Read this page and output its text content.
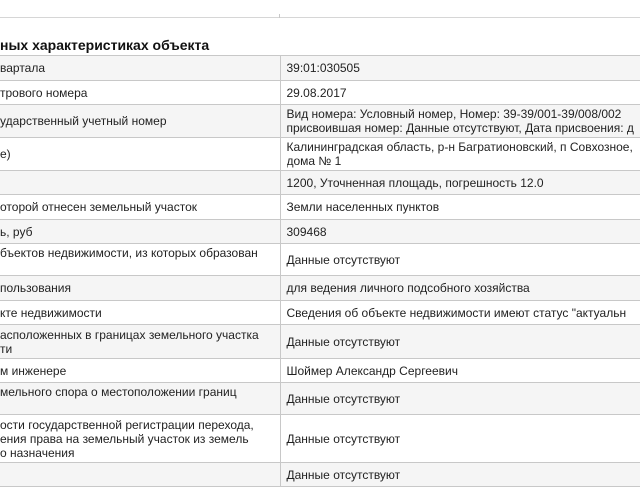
ных характеристиках объекта
вартала	39:01:030505
трового номера	29.08.2017
ударственный учетный номер	Вид номера: Условный номер, Номер: 39-39/001-39/008/002
присвоившая номер: Данные отсутствуют, Дата присвоения: д

е)	Калининградская область, р-н Багратионовский, п Совхозное,
дома № 1

	1200, Уточненная площадь, погрешность 12.0
оторой отнесен земельный участок	Земли населенных пунктов
ь, руб	309468

бъектов недвижимости, из которых образован	Данные отсутствуют
пользования	для ведения личного подсобного хозяйства
кте недвижимости	Сведения об объекте недвижимости имеют статус "актуальн

асположенных в границах земельного участка
ти	Данные отсутствуют
м инженере	Шоймер Александр Сергеевич

мельного спора о местоположении границ	Данные отсутствуют

ости государственной регистрации перехода,
ения права на земельный участок из земель
о назначения	Данные отсутствуют
	Данные отсутствуют
